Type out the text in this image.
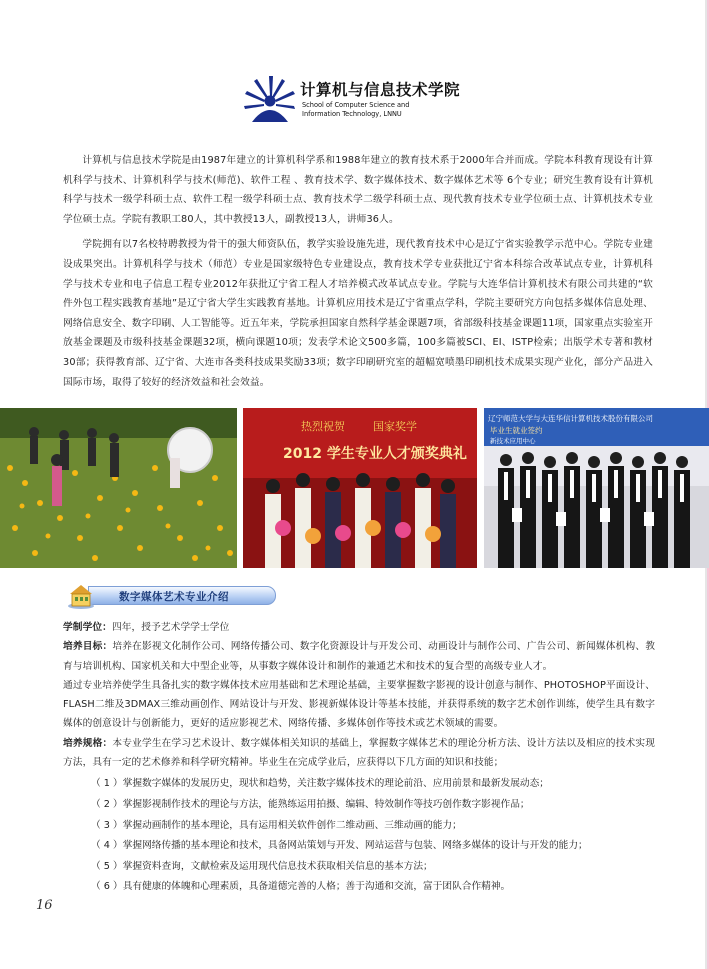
计算机与信息技术学院
School of Computer Science and
Information Technology, LNNU

计算机与信息技术学院是由1987年建立的计算机科学系和1988年建立的教育技术系于2000年合并而成。学院本科教育现设有计算机科学与技术、计算机科学与技术(师范)、软件工程 、教育技术学、数字媒体技术、数字媒体艺术等 6个专业；研究生教育设有计算机科学与技术一级学科硕士点、软件工程一级学科硕士点、教育技术学二级学科硕士点、现代教育技术专业学位硕士点、计算机技术专业学位硕士点。学院有教职工80人，其中教授13人，副教授13人，讲师36人。

学院拥有以7名校特聘教授为骨干的强大师资队伍，教学实验设施先进，现代教育技术中心是辽宁省实验教学示范中心。学院专业建设成果突出。计算机科学与技术（师范）专业是国家级特色专业建设点，教育技术学专业获批辽宁省本科综合改革试点专业，计算机科学与技术专业和电子信息工程专业2012年获批辽宁省工程人才培养模式改革试点专业。学院与大连华信计算机技术有限公司共建的“软件外包工程实践教育基地”是辽宁省大学生实践教育基地。计算机应用技术是辽宁省重点学科，学院主要研究方向包括多媒体信息处理、网络信息安全、数字印刷、人工智能等。近五年来，学院承担国家自然科学基金课题7项，省部级科技基金课题11项，国家重点实验室开放基金课题及市级科技基金课题32项，横向课题10项；发表学术论文500多篇，100多篇被SCI、EI、ISTP检索；出版学术专著和教材30部；获得教育部、辽宁省、大连市各类科技成果奖励33项；数字印刷研究室的超幅宽喷墨印刷机技术成果实现产业化，部分产品进入国际市场，取得了较好的经济效益和社会效益。

热烈祝贺	国家奖学
2012 学生专业人才颁奖典礼
辽宁师范大学与大连华信计算机技术股份有限公司
毕业生就业签约
新技术应用中心
数字媒体艺术专业介绍

学制学位：四年，授予艺术学学士学位

培养目标：培养在影视文化制作公司、网络传播公司、数字化资源设计与开发公司、动画设计与制作公司、广告公司、新闻媒体机构、教育与培训机构、国家机关和大中型企业等，从事数字媒体设计和制作的兼通艺术和技术的复合型的高级专业人才。

通过专业培养使学生具备扎实的数字媒体技术应用基础和艺术理论基础，主要掌握数字影视的设计创意与制作、PHOTOSHOP平面设计、FLASH二维及3DMAX三维动画创作、网站设计与开发、影视新媒体设计等基本技能，并获得系统的数字艺术创作训练，使学生具有数字媒体的创意设计与创新能力，更好的适应影视艺术、网络传播、多媒体创作等技术或艺术领域的需要。

培养规格：本专业学生在学习艺术设计、数字媒体相关知识的基础上，掌握数字媒体艺术的理论分析方法、设计方法以及相应的技术实现方法，具有一定的艺术修养和科学研究精神。毕业生在完成学业后，应获得以下几方面的知识和技能；

（ 1 ）掌握数字媒体的发展历史，现状和趋势，关注数字媒体技术的理论前沿、应用前景和最新发展动态；
（ 2 ）掌握影视制作技术的理论与方法，能熟练运用拍摄、编辑、特效制作等技巧创作数字影视作品；
（ 3 ）掌握动画制作的基本理论，具有运用相关软件创作二维动画、三维动画的能力；
（ 4 ）掌握网络传播的基本理论和技术，具备网站策划与开发、网站运营与包装、网络多媒体的设计与开发的能力；
（ 5 ）掌握资料查询，文献检索及运用现代信息技术获取相关信息的基本方法；
（ 6 ）具有健康的体魄和心理素质，具备道德完善的人格；善于沟通和交流，富于团队合作精神。
16
